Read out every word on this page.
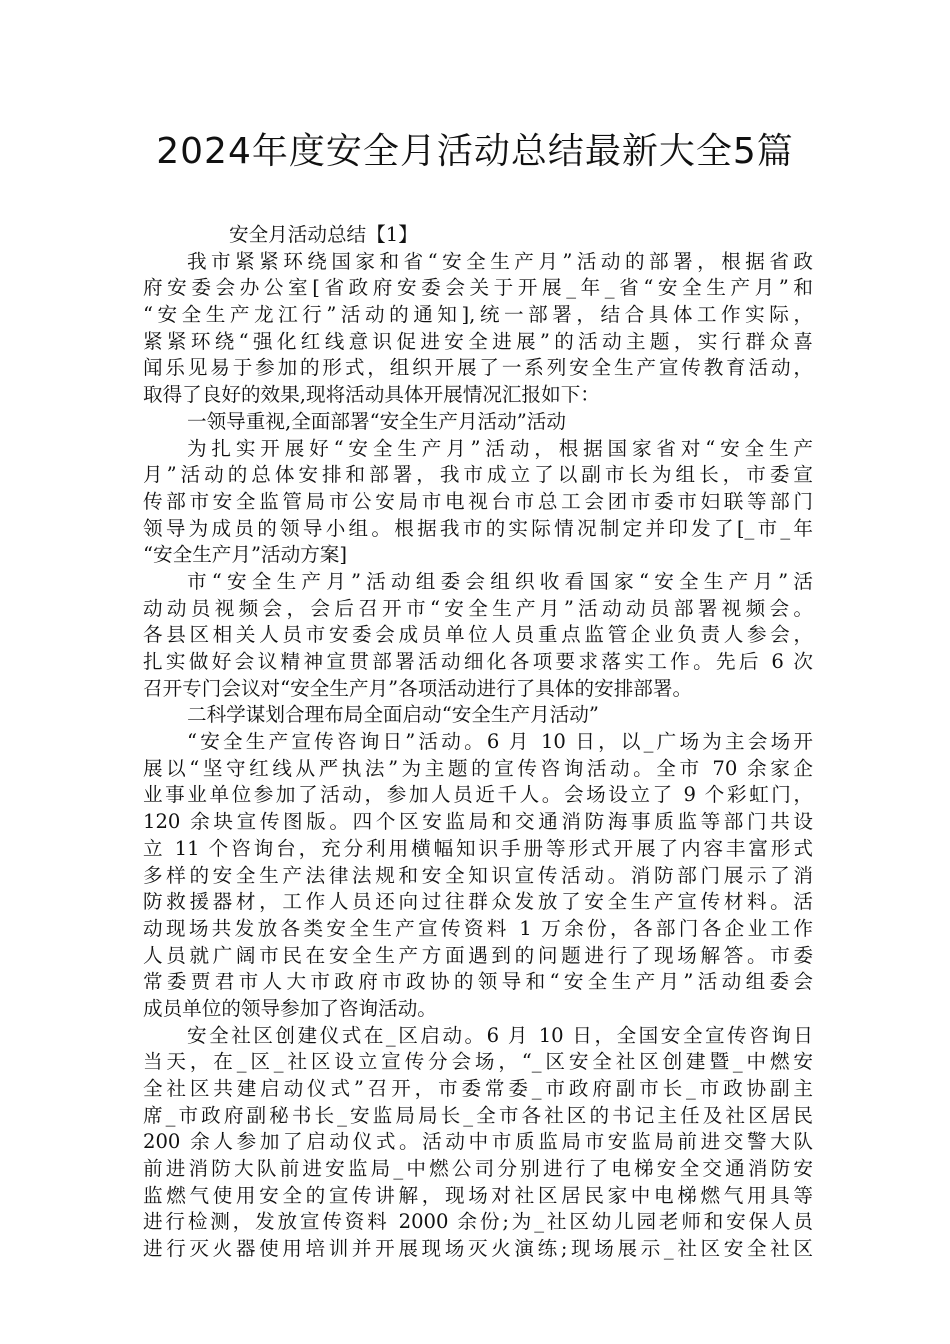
2024年度安全月活动总结最新大全5篇
安全月活动总结【1】
我市紧紧环绕国家和省“安全生产月”活动的部署，根据省政
府安委会办公室[省政府安委会关于开展_年_省“安全生产月”和
“安全生产龙江行”活动的通知],统一部署，结合具体工作实际，
紧紧环绕“强化红线意识促进安全进展”的活动主题，实行群众喜
闻乐见易于参加的形式，组织开展了一系列安全生产宣传教育活动，
取得了良好的效果,现将活动具体开展情况汇报如下：
一领导重视,全面部署“安全生产月活动”活动
为扎实开展好“安全生产月”活动，根据国家省对“安全生产
月”活动的总体安排和部署，我市成立了以副市长为组长，市委宣
传部市安全监管局市公安局市电视台市总工会团市委市妇联等部门
领导为成员的领导小组。根据我市的实际情况制定并印发了[_市_年
“安全生产月”活动方案]
市“安全生产月”活动组委会组织收看国家“安全生产月”活
动动员视频会，会后召开市“安全生产月”活动动员部署视频会。
各县区相关人员市安委会成员单位人员重点监管企业负责人参会，
扎实做好会议精神宣贯部署活动细化各项要求落实工作。先后 6 次
召开专门会议对“安全生产月”各项活动进行了具体的安排部署。
二科学谋划合理布局全面启动“安全生产月活动”
“安全生产宣传咨询日”活动。6 月 10 日，以_广场为主会场开
展以“坚守红线从严执法”为主题的宣传咨询活动。全市 70 余家企
业事业单位参加了活动，参加人员近千人。会场设立了 9 个彩虹门，
120 余块宣传图版。四个区安监局和交通消防海事质监等部门共设
立 11 个咨询台，充分利用横幅知识手册等形式开展了内容丰富形式
多样的安全生产法律法规和安全知识宣传活动。消防部门展示了消
防救援器材，工作人员还向过往群众发放了安全生产宣传材料。活
动现场共发放各类安全生产宣传资料 1 万余份，各部门各企业工作
人员就广阔市民在安全生产方面遇到的问题进行了现场解答。市委
常委贾君市人大市政府市政协的领导和“安全生产月”活动组委会
成员单位的领导参加了咨询活动。
安全社区创建仪式在_区启动。6 月 10 日，全国安全宣传咨询日
当天，在_区_社区设立宣传分会场，“_区安全社区创建暨_中燃安
全社区共建启动仪式”召开，市委常委_市政府副市长_市政协副主
席_市政府副秘书长_安监局局长_全市各社区的书记主任及社区居民
200 余人参加了启动仪式。活动中市质监局市安监局前进交警大队
前进消防大队前进安监局_中燃公司分别进行了电梯安全交通消防安
监燃气使用安全的宣传讲解，现场对社区居民家中电梯燃气用具等
进行检测，发放宣传资料 2000 余份;为_社区幼儿园老师和安保人员
进行灭火器使用培训并开展现场灭火演练;现场展示_社区安全社区
